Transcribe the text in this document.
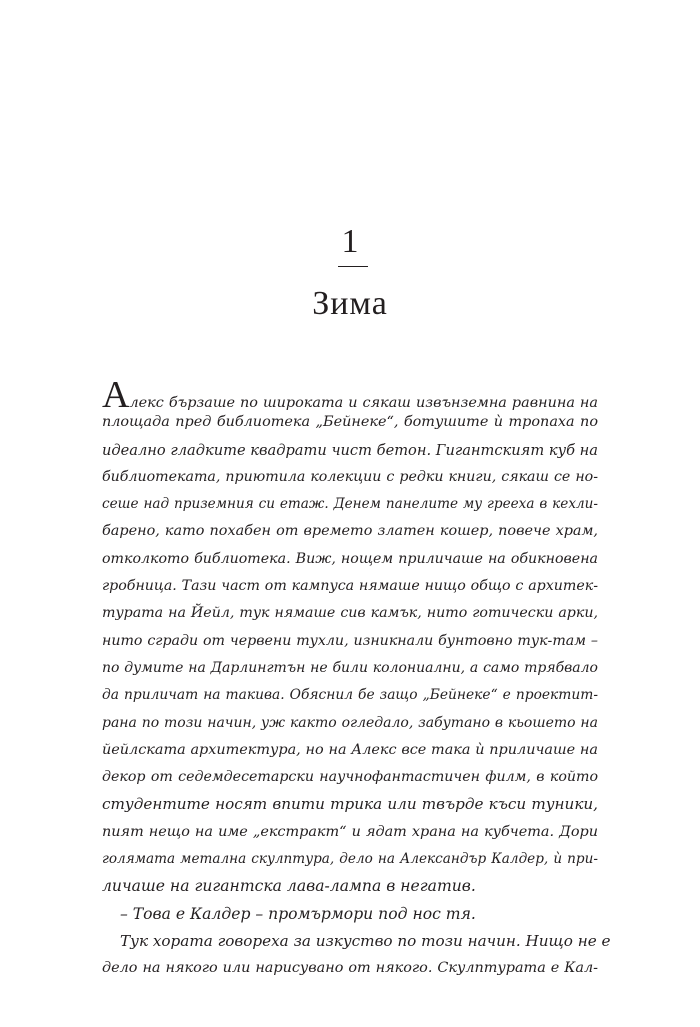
1
Зима
Алекс бързаше по широката и сякаш извънземна равнина на
площада пред библиотека „Бейнеке“, ботушите ѝ тропаха по
идеално гладките квадрати чист бетон. Гигантският куб на
библиотеката, приютила колекции с редки книги, сякаш се но-
сеше над приземния си етаж. Денем панелите му грееха в кехли-
барено, като похабен от времето златен кошер, повече храм,
отколкото библиотека. Виж, нощем приличаше на обикновена
гробница. Тази част от кампуса нямаше нищо общо с архитек-
турата на Йейл, тук нямаше сив камък, нито готически арки,
нито сгради от червени тухли, изникнали бунтовно тук-там –
по думите на Дарлингтън не били колониални, а само трябвало
да приличат на такива. Обяснил бе защо „Бейнеке“ е проектит-
рана по този начин, уж както огледало, забутано в кьошето на
йейлската архитектура, но на Алекс все така ѝ приличаше на
декор от седемдесетарски научнофантастичен филм, в който
студентите носят впити трика или твърде къси туники,
пият нещо на име „екстракт“ и ядат храна на кубчета. Дори
голямата метална скулптура, дело на Александър Калдер, ѝ при-
личаше на гигантска лава-лампа в негатив.
– Това е Калдер – промърмори под нос тя.
Тук хората говореха за изкуство по този начин. Нищо не е
дело на някого или нарисувано от някого. Скулптурата е Кал-
